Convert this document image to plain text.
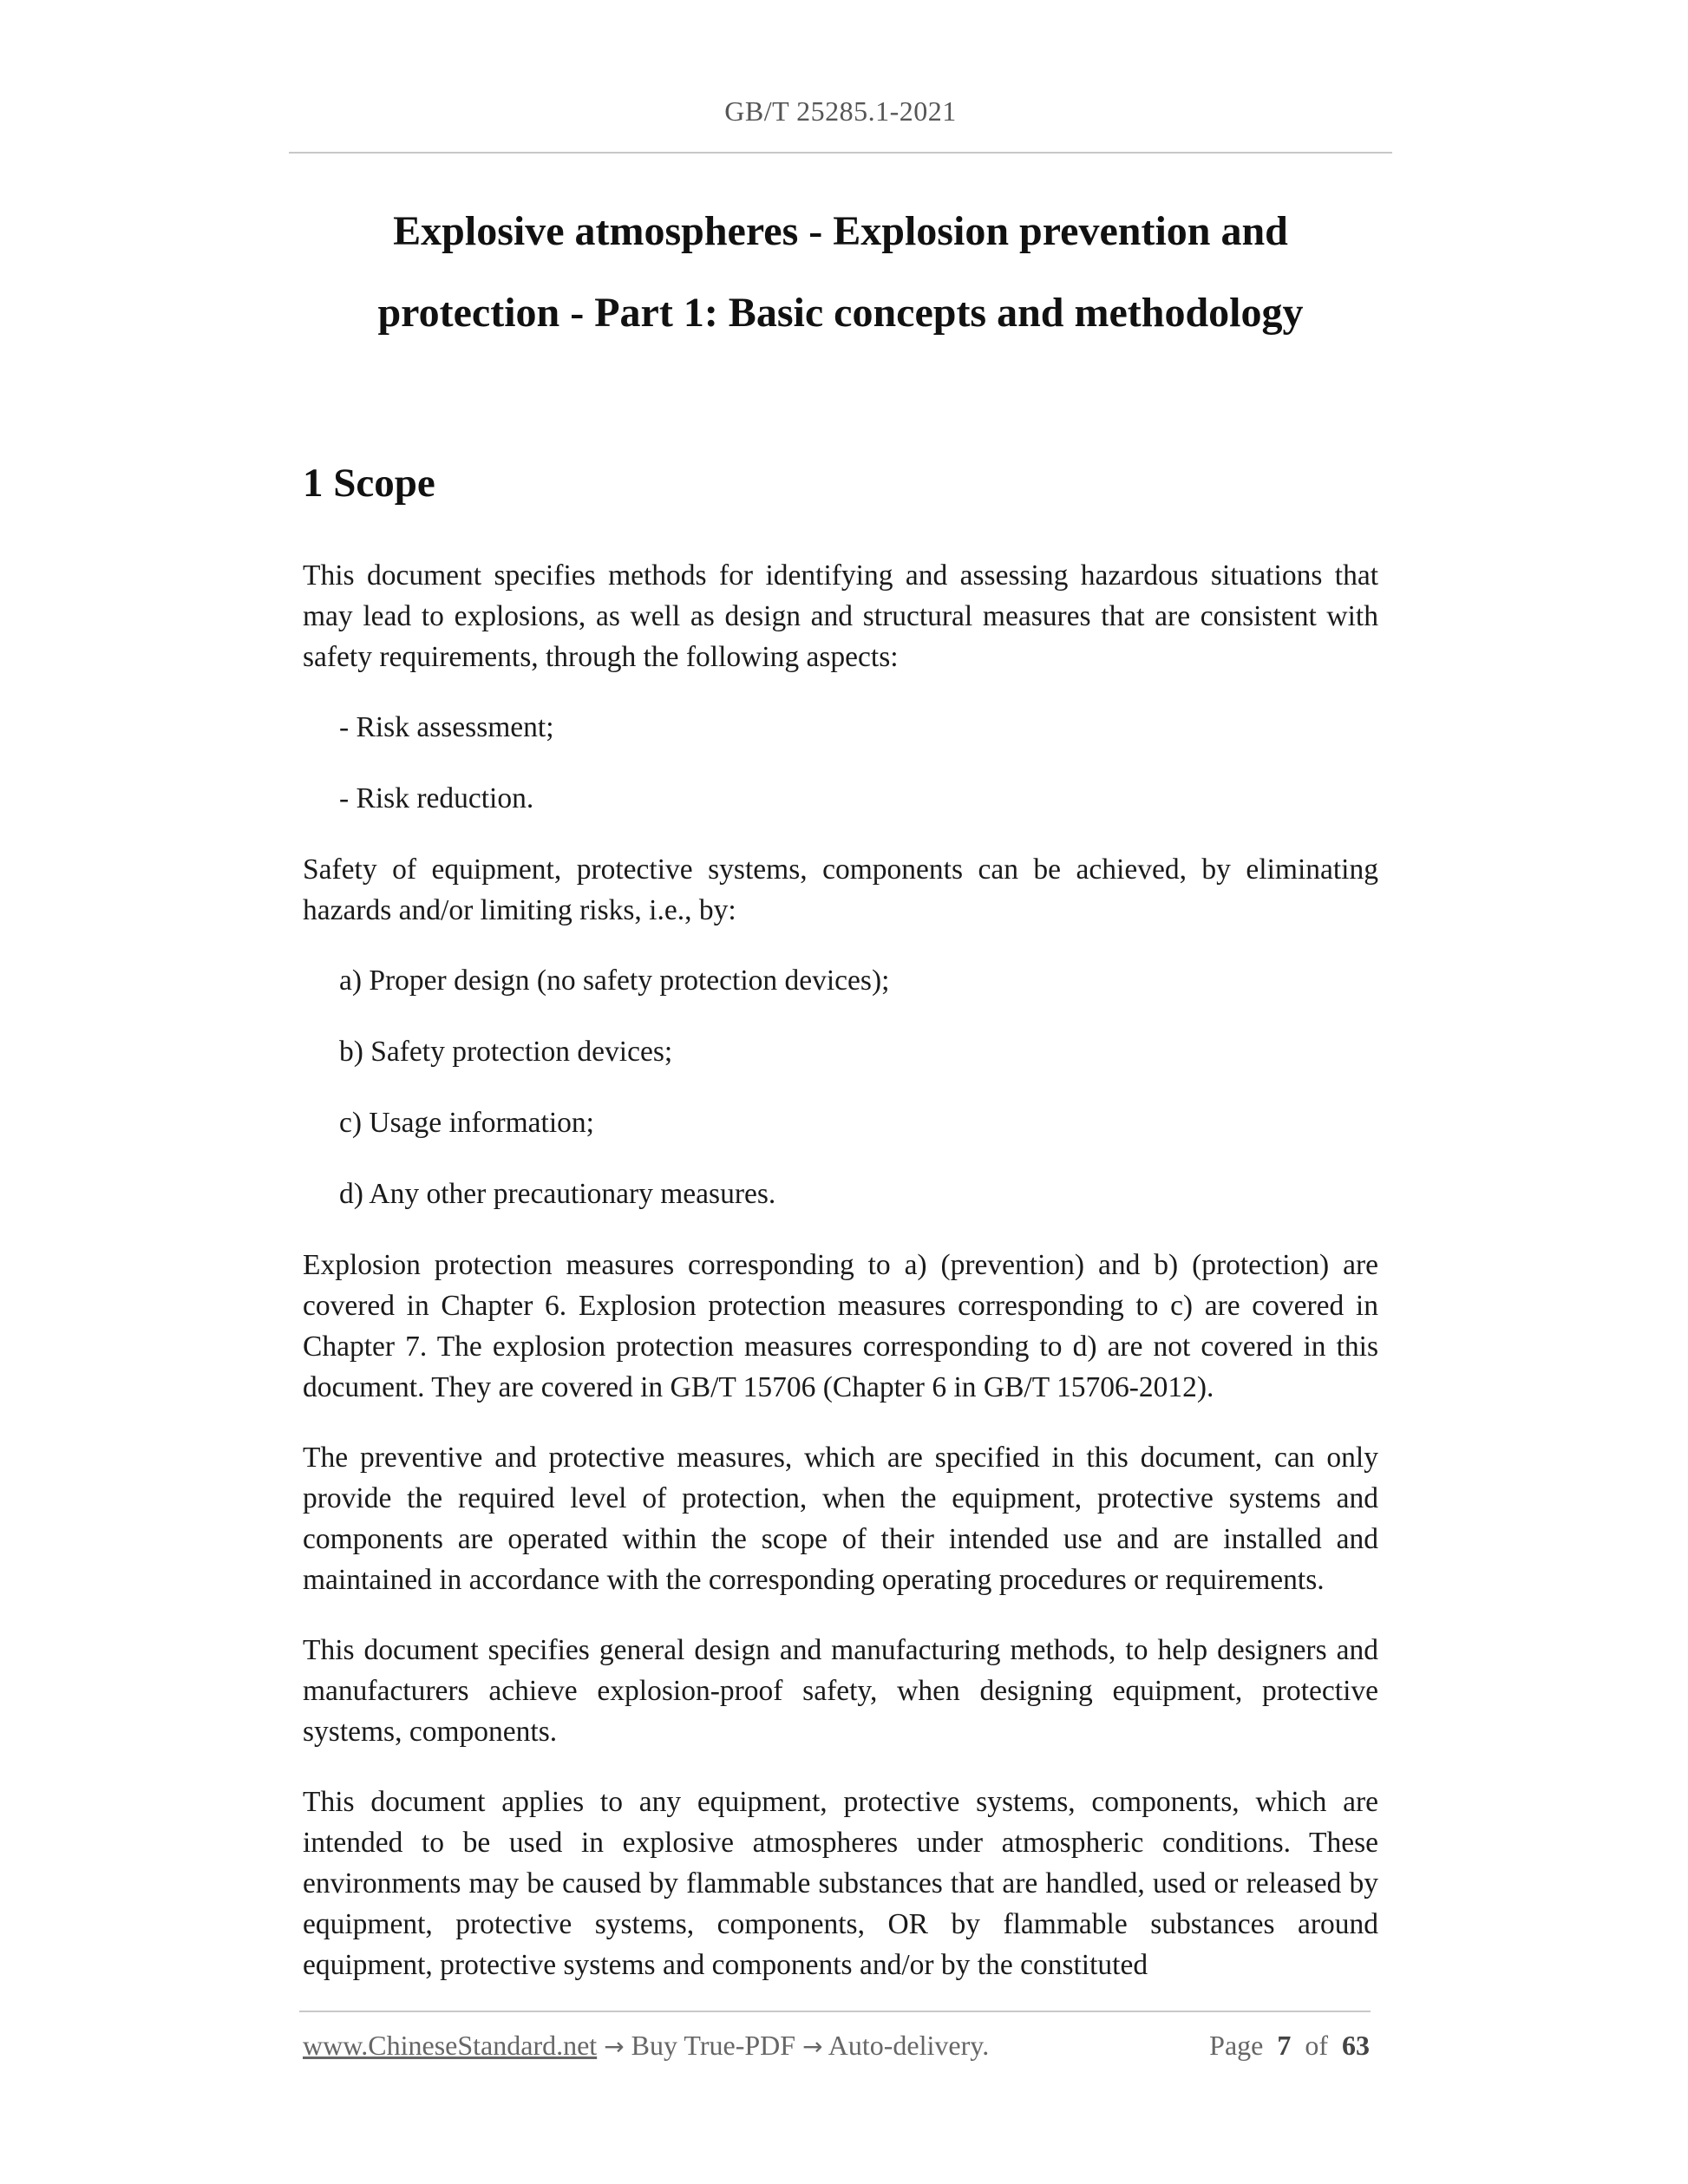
GB/T 25285.1-2021
Explosive atmospheres - Explosion prevention and
protection - Part 1: Basic concepts and methodology
1 Scope

This document specifies methods for identifying and assessing hazardous situations that may lead to explosions, as well as design and structural measures that are consistent with safety requirements, through the following aspects:

- Risk assessment;

- Risk reduction.

Safety of equipment, protective systems, components can be achieved, by eliminating hazards and/or limiting risks, i.e., by:

a) Proper design (no safety protection devices);

b) Safety protection devices;

c) Usage information;

d) Any other precautionary measures.

Explosion protection measures corresponding to a) (prevention) and b) (protection) are covered in Chapter 6. Explosion protection measures corresponding to c) are covered in Chapter 7. The explosion protection measures corresponding to d) are not covered in this document. They are covered in GB/T 15706 (Chapter 6 in GB/T 15706-2012).

The preventive and protective measures, which are specified in this document, can only provide the required level of protection, when the equipment, protective systems and components are operated within the scope of their intended use and are installed and maintained in accordance with the corresponding operating procedures or requirements.

This document specifies general design and manufacturing methods, to help designers and manufacturers achieve explosion-proof safety, when designing equipment, protective systems, components.

This document applies to any equipment, protective systems, components, which are intended to be used in explosive atmospheres under atmospheric conditions. These environments may be caused by flammable substances that are handled, used or released by equipment, protective systems, components, OR by flammable substances around equipment, protective systems and components and/or by the constituted

www.ChineseStandard.net → Buy True-PDF → Auto-delivery.	Page 7 of 63
